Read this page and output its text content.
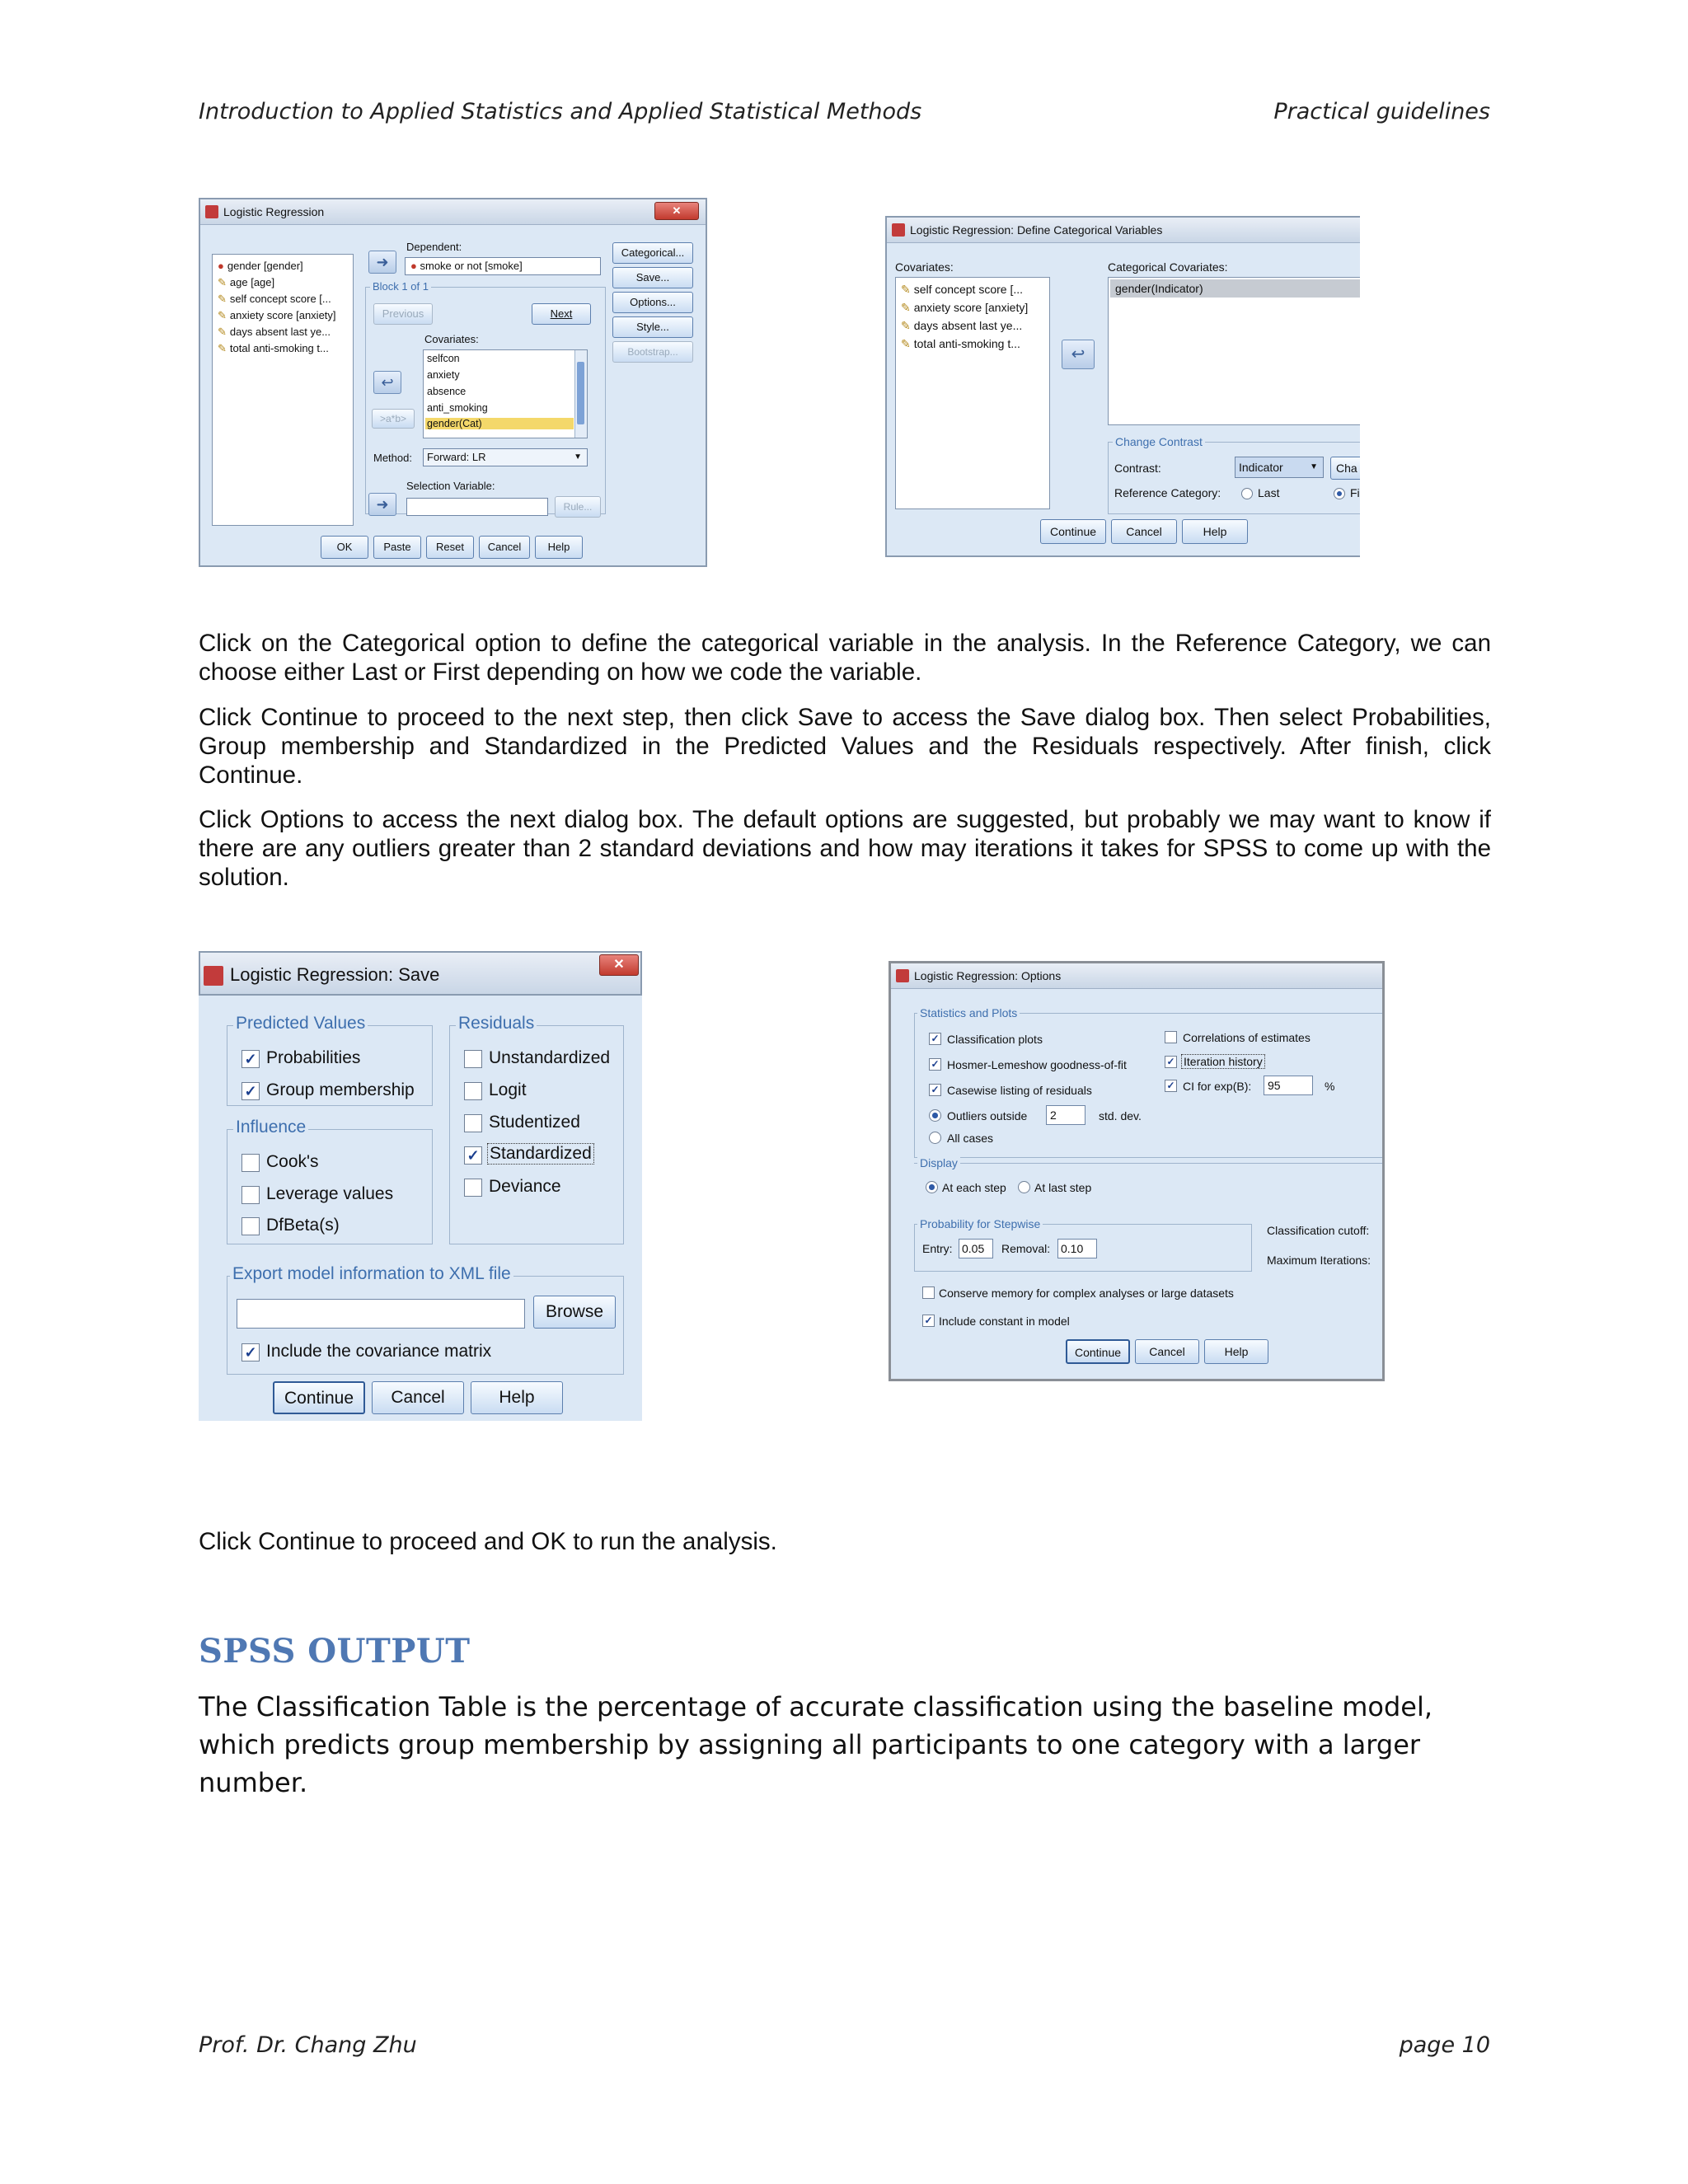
Introduction to Applied Statistics and Applied Statistical Methods	Practical guidelines
Logistic Regression	✕
● gender [gender]
✎ age [age]
✎ self concept score [...
✎ anxiety score [anxiety]
✎ days absent last ye...
✎ total anti-smoking t...
➜
Dependent:
● smoke or not [smoke]
Block 1 of 1
Previous	Next
Covariates:
selfcon
anxiety
absence
anti_smoking
gender(Cat)
↩
>a*b>
Method:	Forward: LR	▼
Selection Variable:
➜	Rule...
Categorical...
Save...
Options...
Style...
Bootstrap...
OK	Paste	Reset	Cancel	Help
Logistic Regression: Define Categorical Variables
Covariates:
✎ self concept score [...
✎ anxiety score [anxiety]
✎ days absent last ye...
✎ total anti-smoking t...
↩
Categorical Covariates:
gender(Indicator)
Change Contrast
Contrast:	Indicator	▼	Cha
Reference Category:	Last	Fi
Continue	Cancel	Help
Click on the Categorical option to define the categorical variable in the analysis. In the Reference Category, we can choose either Last or First depending on how we code the variable.
Click Continue to proceed to the next step, then click Save to access the Save dialog box. Then select Probabilities, Group membership and Standardized in the Predicted Values and the Residuals respectively. After finish, click Continue.
Click Options to access the next dialog box. The default options are suggested, but probably we may want to know if there are any outliers greater than 2 standard deviations and how may iterations it takes for SPSS to come up with the solution.
Logistic Regression: Save	✕
Predicted Values
✓ Probabilities
✓ Group membership
Influence
Cook's
Leverage values
DfBeta(s)
Residuals
Unstandardized
Logit
Studentized
✓ Standardized
Deviance
Export model information to XML file
Browse
✓ Include the covariance matrix
Continue	Cancel	Help
Logistic Regression: Options
Statistics and Plots
✓ Classification plots
✓ Hosmer-Lemeshow goodness-of-fit
✓ Casewise listing of residuals
Outliers outside	2	std. dev.
All cases
Correlations of estimates
✓ Iteration history
✓ CI for exp(B):	95	%
Display
At each step At last step
Probability for Stepwise
Entry: 0.05	Removal: 0.10
Classification cutoff:
Maximum Iterations:
Conserve memory for complex analyses or large datasets
✓ Include constant in model
Continue	Cancel	Help
Click Continue to proceed and OK to run the analysis.
SPSS OUTPUT
The Classification Table is the percentage of accurate classification using the baseline model, which predicts group membership by assigning all participants to one category with a larger number.
Prof. Dr. Chang Zhu	page 10
